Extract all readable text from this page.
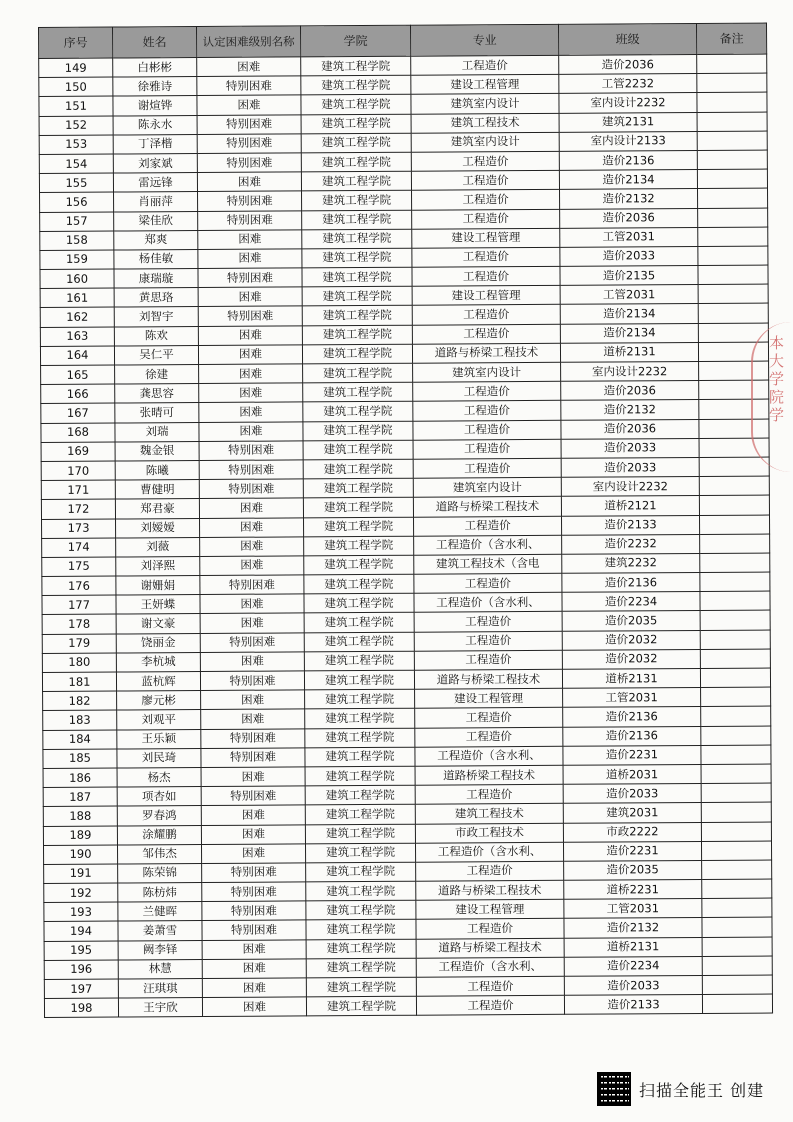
序号	姓名	认定困难级别名称	学院	专业	班级	备注
149	白彬彬	困难	建筑工程学院	工程造价	造价2036	
150	徐雅诗	特别困难	建筑工程学院	建设工程管理	工管2232	
151	谢煊铧	困难	建筑工程学院	建筑室内设计	室内设计2232	
152	陈永水	特别困难	建筑工程学院	建筑工程技术	建筑2131	
153	丁泽楷	特别困难	建筑工程学院	建筑室内设计	室内设计2133	
154	刘家斌	特别困难	建筑工程学院	工程造价	造价2136	
155	雷远锋	困难	建筑工程学院	工程造价	造价2134	
156	肖丽萍	特别困难	建筑工程学院	工程造价	造价2132	
157	梁佳欣	特别困难	建筑工程学院	工程造价	造价2036	
158	郑爽	困难	建筑工程学院	建设工程管理	工管2031	
159	杨佳敏	困难	建筑工程学院	工程造价	造价2033	
160	康瑞璇	特别困难	建筑工程学院	工程造价	造价2135	
161	黄思珞	困难	建筑工程学院	建设工程管理	工管2031	
162	刘智宇	特别困难	建筑工程学院	工程造价	造价2134	
163	陈欢	困难	建筑工程学院	工程造价	造价2134	
164	吴仁平	困难	建筑工程学院	道路与桥梁工程技术	道桥2131	
165	徐建	困难	建筑工程学院	建筑室内设计	室内设计2232	
166	龚思容	困难	建筑工程学院	工程造价	造价2036	
167	张晴可	困难	建筑工程学院	工程造价	造价2132	
168	刘瑞	困难	建筑工程学院	工程造价	造价2036	
169	魏金银	特别困难	建筑工程学院	工程造价	造价2033	
170	陈曦	特别困难	建筑工程学院	工程造价	造价2033	
171	曹健明	特别困难	建筑工程学院	建筑室内设计	室内设计2232	
172	郑君豪	困难	建筑工程学院	道路与桥梁工程技术	道桥2121	
173	刘嫒嫒	困难	建筑工程学院	工程造价	造价2133	
174	刘薇	困难	建筑工程学院	工程造价（含水利、	造价2232	
175	刘泽熙	困难	建筑工程学院	建筑工程技术（含电	建筑2232	
176	谢姗娟	特别困难	建筑工程学院	工程造价	造价2136	
177	王妍蝶	困难	建筑工程学院	工程造价（含水利、	造价2234	
178	谢文豪	困难	建筑工程学院	工程造价	造价2035	
179	饶丽金	特别困难	建筑工程学院	工程造价	造价2032	
180	李杭城	困难	建筑工程学院	工程造价	造价2032	
181	蓝杭辉	特别困难	建筑工程学院	道路与桥梁工程技术	道桥2131	
182	廖元彬	困难	建筑工程学院	建设工程管理	工管2031	
183	刘观平	困难	建筑工程学院	工程造价	造价2136	
184	王乐颖	特别困难	建筑工程学院	工程造价	造价2136	
185	刘民琦	特别困难	建筑工程学院	工程造价（含水利、	造价2231	
186	杨杰	困难	建筑工程学院	道路桥梁工程技术	道桥2031	
187	项杏如	特别困难	建筑工程学院	工程造价	造价2033	
188	罗春鸿	困难	建筑工程学院	建筑工程技术	建筑2031	
189	涂耀鹏	困难	建筑工程学院	市政工程技术	市政2222	
190	邹伟杰	困难	建筑工程学院	工程造价（含水利、	造价2231	
191	陈荣锦	特别困难	建筑工程学院	工程造价	造价2035	
192	陈枋炜	特别困难	建筑工程学院	道路与桥梁工程技术	道桥2231	
193	兰健晖	特别困难	建筑工程学院	建设工程管理	工管2031	
194	姜萧雪	特别困难	建筑工程学院	工程造价	造价2132	
195	阙李铎	困难	建筑工程学院	道路与桥梁工程技术	道桥2131	
196	林慧	困难	建筑工程学院	工程造价（含水利、	造价2234	
197	汪琪琪	困难	建筑工程学院	工程造价	造价2033	
198	王宇欣	困难	建筑工程学院	工程造价	造价2133	
本大学院学
扫描全能王 创建
